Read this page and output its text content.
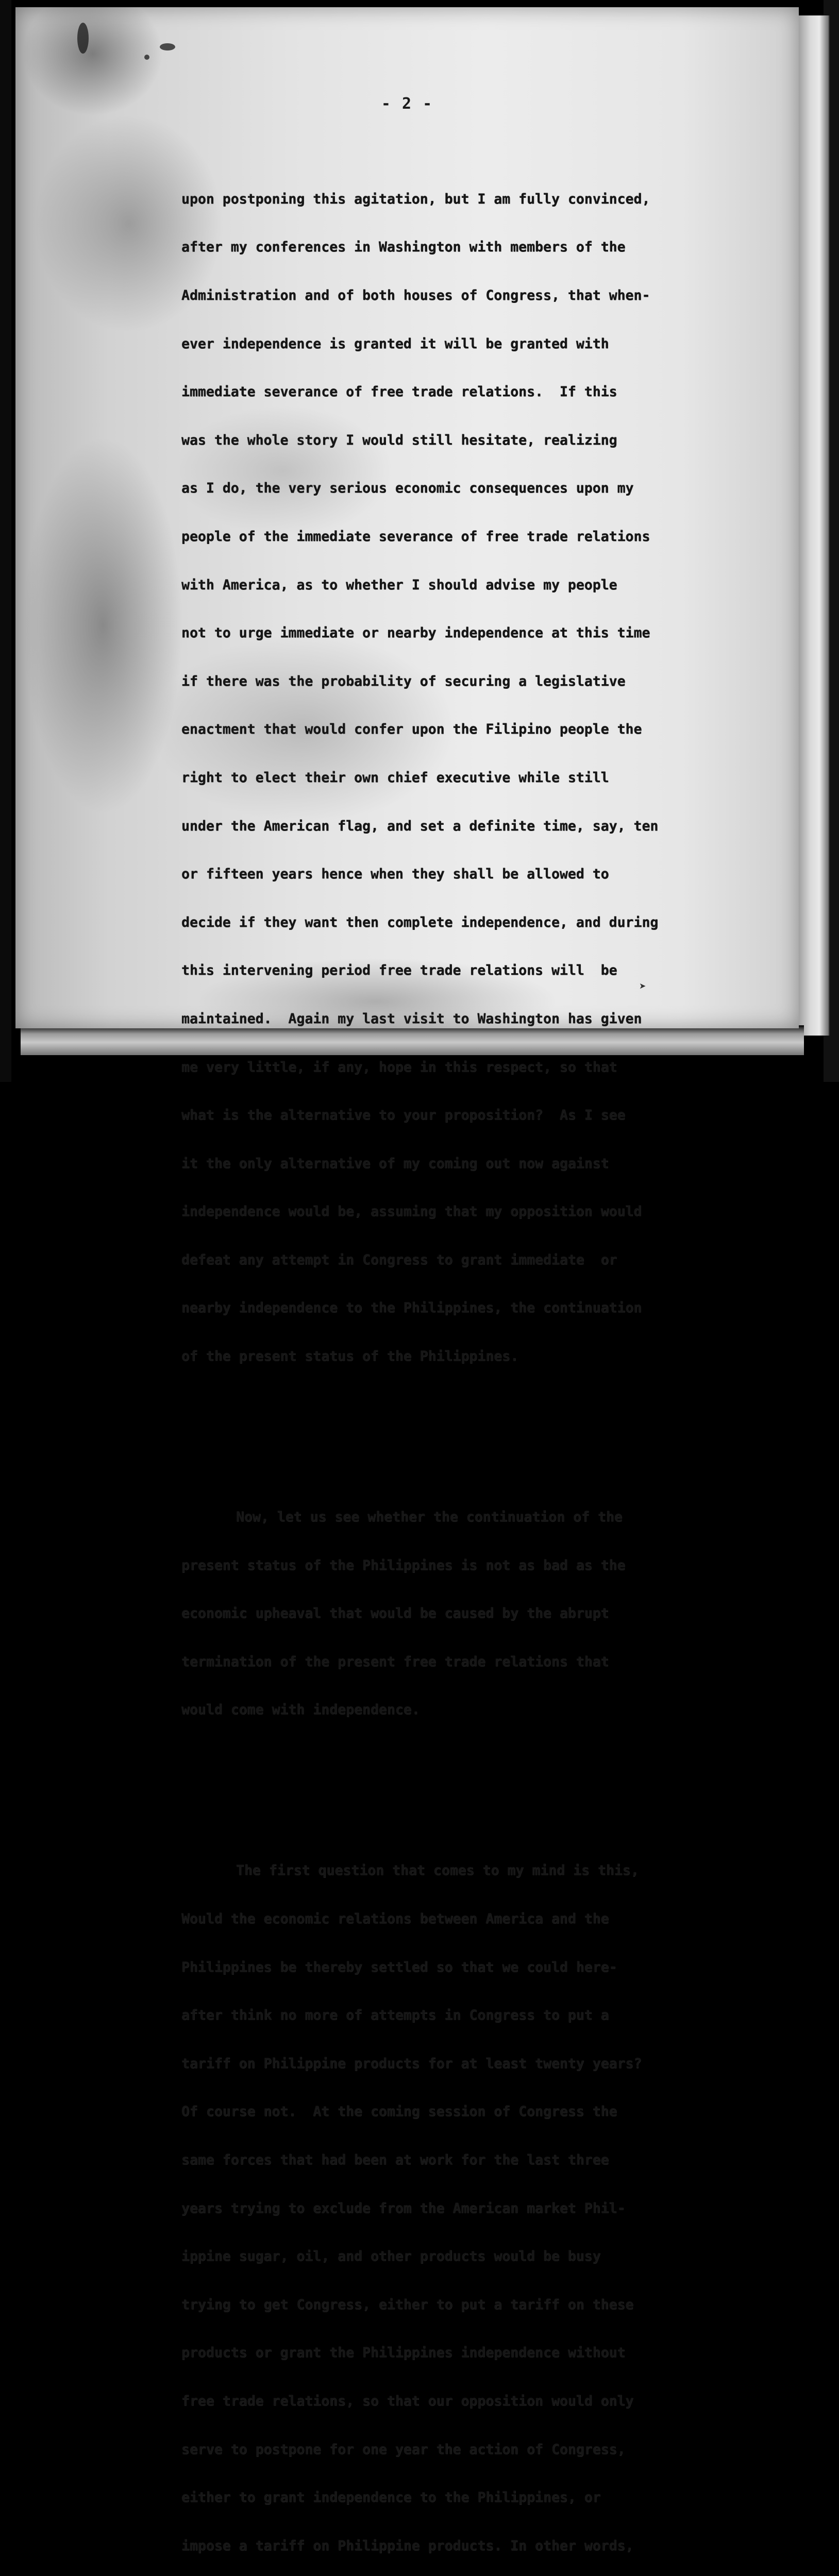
- 2 -

upon postponing this agitation, but I am fully convinced,

after my conferences in Washington with members of the

Administration and of both houses of Congress, that when-

ever independence is granted it will be granted with

immediate severance of free trade relations.  If this

was the whole story I would still hesitate, realizing

as I do, the very serious economic consequences upon my

people of the immediate severance of free trade relations

with America, as to whether I should advise my people

not to urge immediate or nearby independence at this time

if there was the probability of securing a legislative

enactment that would confer upon the Filipino people the

right to elect their own chief executive while still

under the American flag, and set a definite time, say, ten

or fifteen years hence when they shall be allowed to

decide if they want then complete independence, and during

this intervening period free trade relations will  be

maintained.  Again my last visit to Washington has given

me very little, if any, hope in this respect, so that

what is the alternative to your proposition?  As I see

it the only alternative of my coming out now against

independence would be, assuming that my opposition would

defeat any attempt in Congress to grant immediate  or

nearby independence to the Philippines, the continuation

of the present status of the Philippines.

Now, let us see whether the continuation of the

present status of the Philippines is not as bad as the

economic upheaval that would be caused by the abrupt

termination of the present free trade relations that

would come with independence.

The first question that comes to my mind is this,

Would the economic relations between America and the

Philippines be thereby settled so that we could here-

after think no more of attempts in Congress to put a

tariff on Philippine products for at least twenty years?

Of course not.  At the coming session of Congress the

same forces that had been at work for the last three

years trying to exclude from the American market Phil-

ippine sugar, oil, and other products would be busy

trying to get Congress, either to put a tariff on these

products or grant the Philippines independence without

free trade relations, so that our opposition would only

serve to postpone for one year the action of Congress,

either to grant independence to the Philippines, or

impose a tariff on Philippine products. In other words,

➤
